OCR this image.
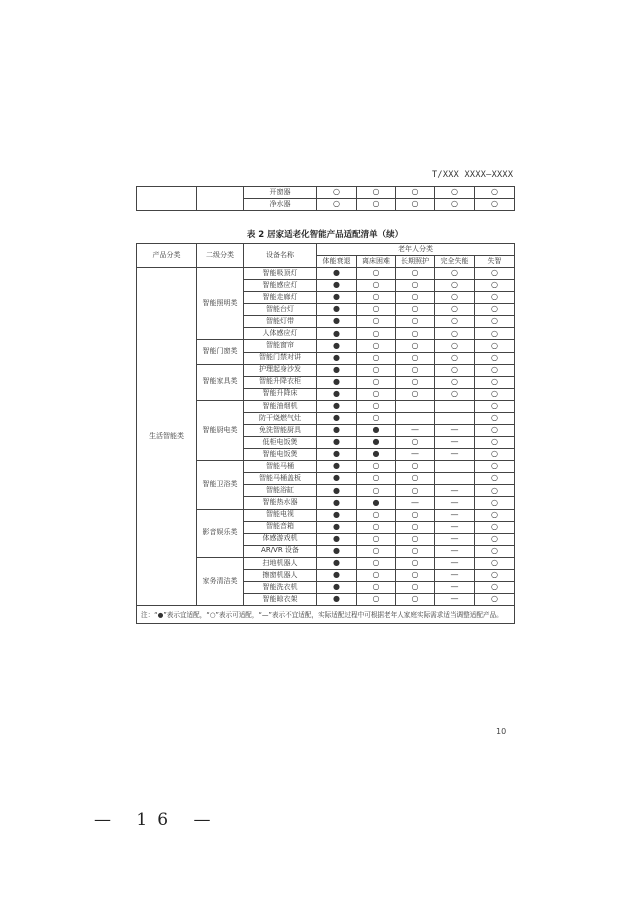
T/XXX XXXX—XXXX
		开窗器	○	○	○	○	○
		净水器	○	○	○	○	○
表 2 居家适老化智能产品适配清单（续）
产品分类	二级分类	设备名称	老年人分类				
			体能衰退	离床困难	长期照护	完全失能	失智
生活智能类	智能照明类	智能吸顶灯	●	○	○	○	○
		智能感应灯	●	○	○	○	○
		智能走廊灯	●	○	○	○	○
		智能台灯	●	○	○	○	○
		智能灯带	●	○	○	○	○
		人体感应灯	●	○	○	○	○
	智能门窗类	智能窗帘	●	○	○	○	○
		智能门禁对讲	●	○	○	○	○
	智能家具类	护理起身沙发	●	○	○	○	○
		智能升降衣柜	●	○	○	○	○
		智能升降床	●	○	○	○	○
	智能厨电类	智能油烟机	●	○			○
		防干烧燃气灶	●	○			○
		免洗智能厨具	●	●	—	—	○
		低柜电饭煲	●	●	○	—	○
		智能电饭煲	●	●	—	—	○
	智能卫浴类	智能马桶	●	○	○		○
		智能马桶盖板	●	○	○		○
		智能浴缸	●	○	○	—	○
		智能热水器	●	●	—	—	○
	影音娱乐类	智能电视	●	○	○	—	○
		智能音箱	●	○	○	—	○
		体感游戏机	●	○	○	—	○
		AR/VR 设备	●	○	○	—	○
	家务清洁类	扫地机器人	●	○	○	—	○
		擦窗机器人	●	○	○	—	○
		智能洗衣机	●	○	○	—	○
		智能晾衣架	●	○	○	—	○
注：“●”表示宜适配，“○”表示可适配，“—”表示不宜适配，实际适配过程中可根据老年人家庭实际需求适当调整适配产品。							
10
— 16 —
